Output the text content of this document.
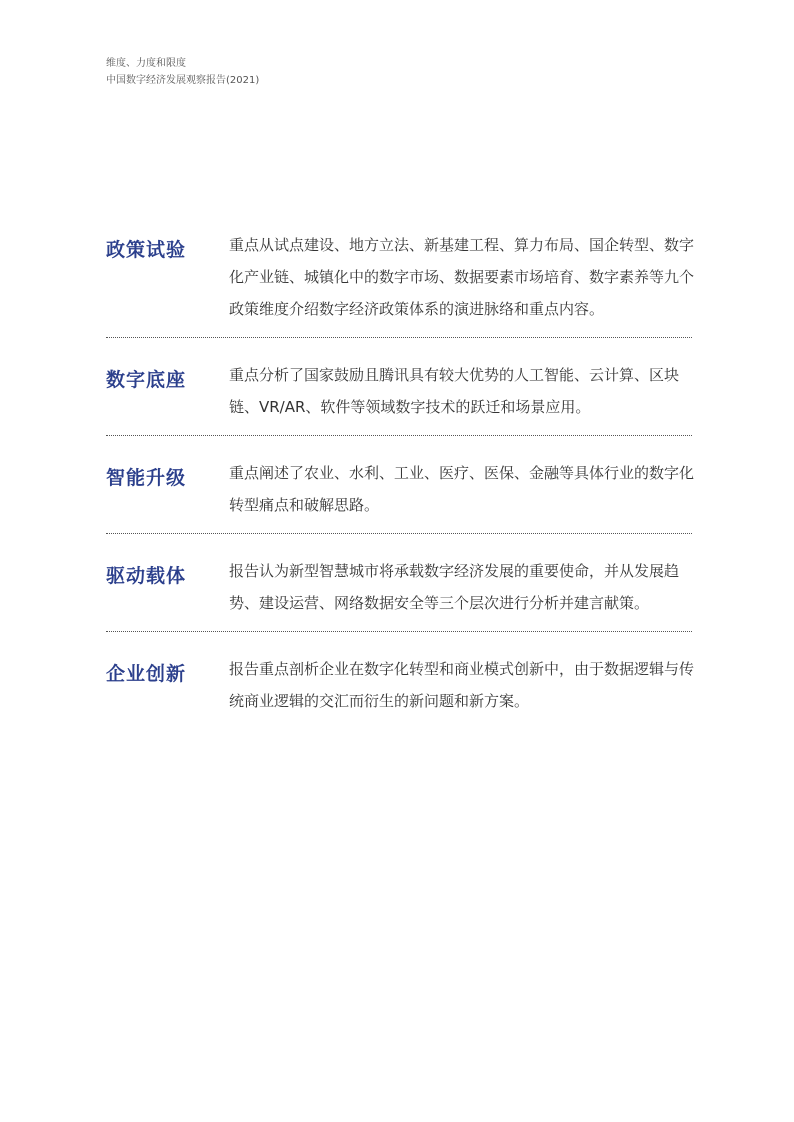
维度、力度和限度
中国数字经济发展观察报告(2021)
政策试验	重点从试点建设、地方立法、新基建工程、算力布局、国企转型、数字化产业链、城镇化中的数字市场、数据要素市场培育、数字素养等九个政策维度介绍数字经济政策体系的演进脉络和重点内容。
数字底座	重点分析了国家鼓励且腾讯具有较大优势的人工智能、云计算、区块链、VR/AR、软件等领域数字技术的跃迁和场景应用。
智能升级	重点阐述了农业、水利、工业、医疗、医保、金融等具体行业的数字化转型痛点和破解思路。
驱动载体	报告认为新型智慧城市将承载数字经济发展的重要使命，并从发展趋势、建设运营、网络数据安全等三个层次进行分析并建言献策。
企业创新	报告重点剖析企业在数字化转型和商业模式创新中，由于数据逻辑与传统商业逻辑的交汇而衍生的新问题和新方案。
